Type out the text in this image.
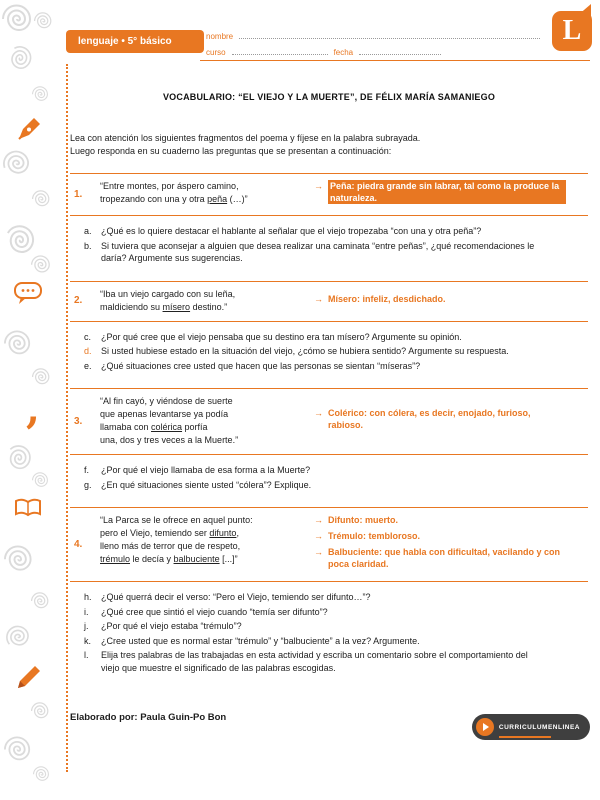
,
lenguaje • 5° básico	nombre
curso	fecha
L
VOCABULARIO: “EL VIEJO Y LA MUERTE”, DE FÉLIX MARÍA SAMANIEGO
Lea con atención los siguientes fragmentos del poema y fíjese en la palabra subrayada.
Luego responda en su cuaderno las preguntas que se presentan a continuación:
1.
“Entre montes, por áspero camino,
tropezando con una y otra peña (…)”
→ Peña: piedra grande sin labrar, tal como la produce la naturaleza.
a.	¿Qué es lo quiere destacar el hablante al señalar que el viejo tropezaba “con una y otra peña”?
b.	Si tuviera que aconsejar a alguien que desea realizar una caminata “entre peñas”, ¿qué recomendaciones le daría? Argumente sus sugerencias.
2.
“Iba un viejo cargado con su leña,
maldiciendo su mísero destino.”
→ Mísero: infeliz, desdichado.
c.	¿Por qué cree que el viejo pensaba que su destino era tan mísero? Argumente su opinión.
d.	Si usted hubiese estado en la situación del viejo, ¿cómo se hubiera sentido? Argumente su respuesta.
e.	¿Qué situaciones cree usted que hacen que las personas se sientan “míseras”?
3.
“Al fin cayó, y viéndose de suerte
que apenas levantarse ya podía
llamaba con colérica porfía
una, dos y tres veces a la Muerte.”
→ Colérico: con cólera, es decir, enojado, furioso, rabioso.
f.	¿Por qué el viejo llamaba de esa forma a la Muerte?
g.	¿En qué situaciones siente usted “cólera”? Explique.
4.
“La Parca se le ofrece en aquel punto:
pero el Viejo, temiendo ser difunto,
lleno más de terror que de respeto,
trémulo le decía y balbuciente [...]”
→ Difunto: muerto.
→ Trémulo: tembloroso.
→ Balbuciente: que habla con dificultad, vacilando y con poca claridad.
h.	¿Qué querrá decir el verso: “Pero el Viejo, temiendo ser difunto…”?
i.	¿Qué cree que sintió el viejo cuando “temía ser difunto”?
j.	¿Por qué el viejo estaba “trémulo”?
k.	¿Cree usted que es normal estar “trémulo” y “balbuciente” a la vez? Argumente.
l.	Elija tres palabras de las trabajadas en esta actividad y escriba un comentario sobre el comportamiento del viejo que muestre el significado de las palabras escogidas.
Elaborado por: Paula Guin-Po Bon
CURRICULUMENLINEA
